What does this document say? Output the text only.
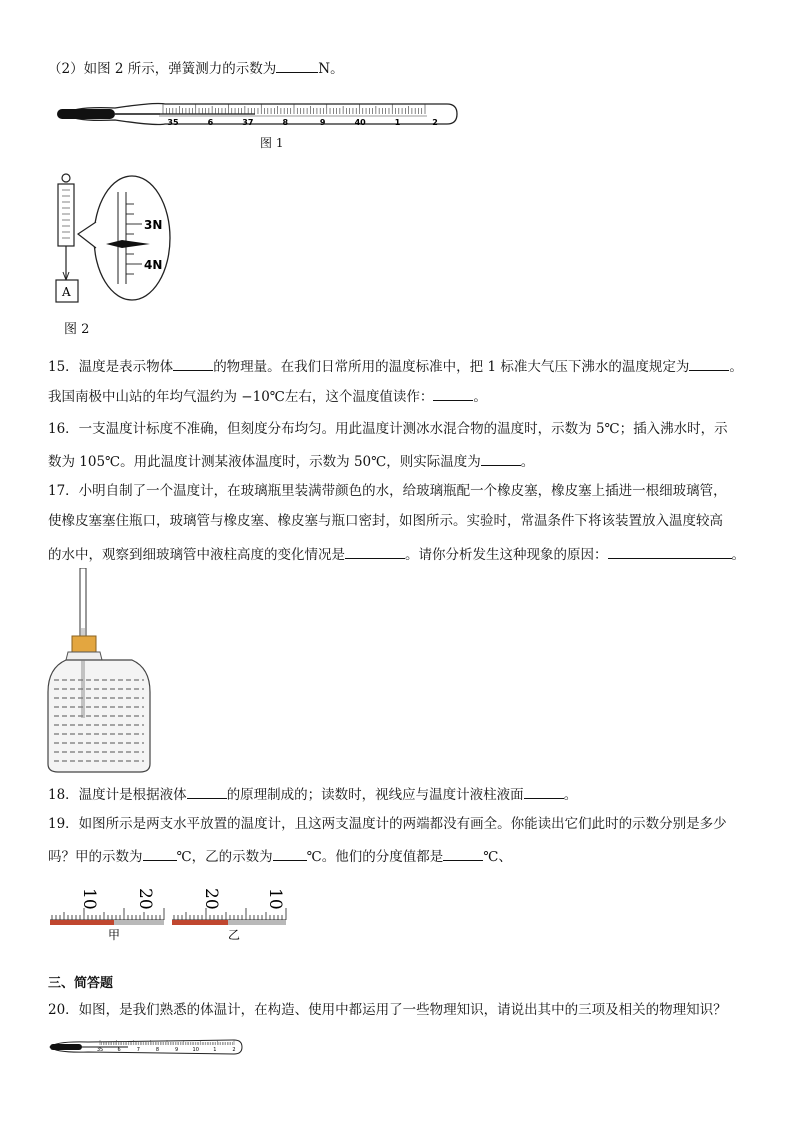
（2）如图 2 所示，弹簧测力的示数为	N。
35	6	37	8	9	40	1	2
图 1
3N
4N
A
图 2
15．温度是表示物体	的物理量。在我们日常所用的温度标准中，把 1 标准大气压下沸水的温度规定为	。
我国南极中山站的年均气温约为 −10℃左右，这个温度值读作：	。
16．一支温度计标度不准确，但刻度分布均匀。用此温度计测冰水混合物的温度时，示数为 5℃；插入沸水时，示
数为 105℃。用此温度计测某液体温度时，示数为 50℃，则实际温度为	。
17．小明自制了一个温度计，在玻璃瓶里装满带颜色的水，给玻璃瓶配一个橡皮塞，橡皮塞上插进一根细玻璃管，
使橡皮塞塞住瓶口，玻璃管与橡皮塞、橡皮塞与瓶口密封，如图所示。实验时，常温条件下将该装置放入温度较高
的水中，观察到细玻璃管中液柱高度的变化情况是	。请你分析发生这种现象的原因：	。
18．温度计是根据液体	的原理制成的；读数时，视线应与温度计液柱液面	。
19．如图所示是两支水平放置的温度计，且这两支温度计的两端都没有画全。你能读出它们此时的示数分别是多少
吗？甲的示数为	℃，乙的示数为	℃。他们的分度值都是	℃、
10 20
甲
20	10
乙
三、简答题
20．如图，是我们熟悉的体温计，在构造、使用中都运用了一些物理知识，请说出其中的三项及相关的物理知识？
35	6	7	8	9	10	1	2
